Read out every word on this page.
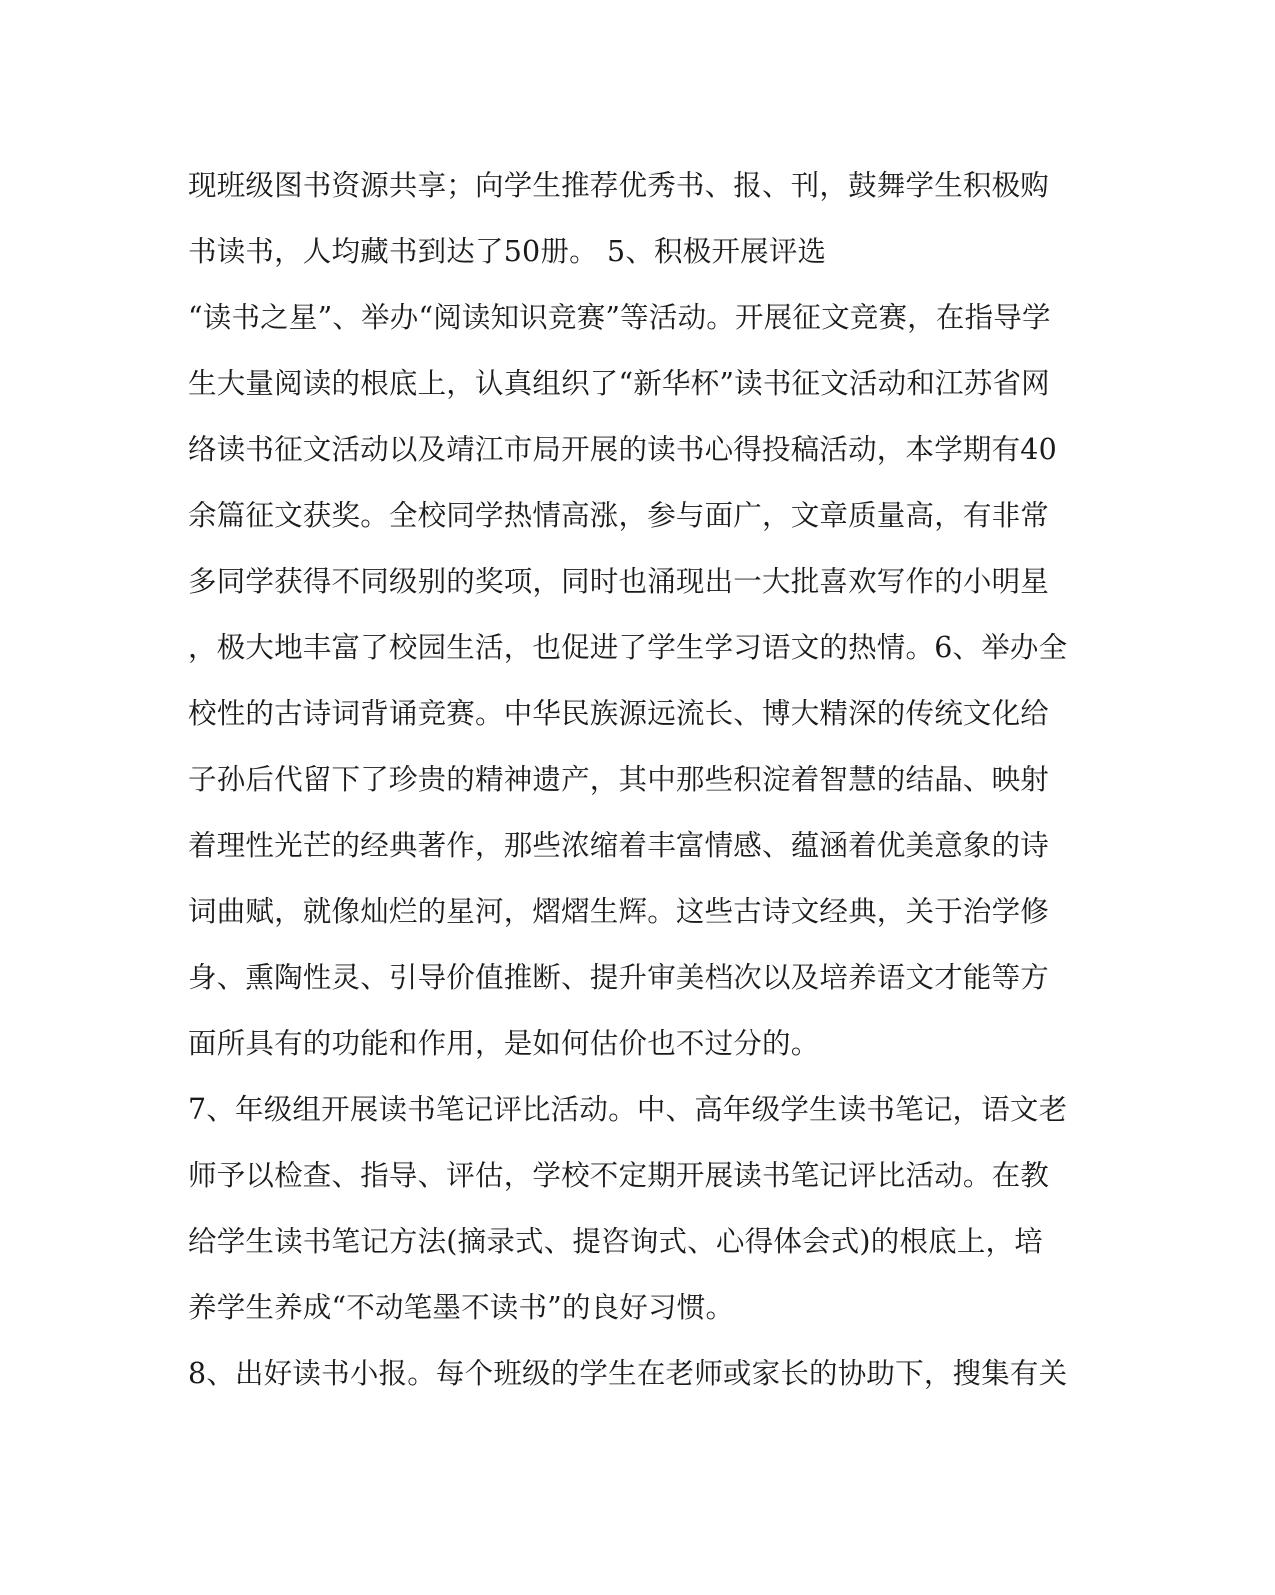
现班级图书资源共享；向学生推荐优秀书、报、刊，鼓舞学生积极购
书读书，人均藏书到达了50册。 5、积极开展评选
“读书之星”、举办“阅读知识竞赛”等活动。开展征文竞赛，在指导学
生大量阅读的根底上，认真组织了“新华杯”读书征文活动和江苏省网
络读书征文活动以及靖江市局开展的读书心得投稿活动，本学期有40
余篇征文获奖。全校同学热情高涨，参与面广，文章质量高，有非常
多同学获得不同级别的奖项，同时也涌现出一大批喜欢写作的小明星
，极大地丰富了校园生活，也促进了学生学习语文的热情。6、举办全
校性的古诗词背诵竞赛。中华民族源远流长、博大精深的传统文化给
子孙后代留下了珍贵的精神遗产，其中那些积淀着智慧的结晶、映射
着理性光芒的经典著作，那些浓缩着丰富情感、蕴涵着优美意象的诗
词曲赋，就像灿烂的星河，熠熠生辉。这些古诗文经典，关于治学修
身、熏陶性灵、引导价值推断、提升审美档次以及培养语文才能等方
面所具有的功能和作用，是如何估价也不过分的。
7、年级组开展读书笔记评比活动。中、高年级学生读书笔记，语文老
师予以检查、指导、评估，学校不定期开展读书笔记评比活动。在教
给学生读书笔记方法(摘录式、提咨询式、心得体会式)的根底上，培
养学生养成“不动笔墨不读书”的良好习惯。
8、出好读书小报。每个班级的学生在老师或家长的协助下，搜集有关
